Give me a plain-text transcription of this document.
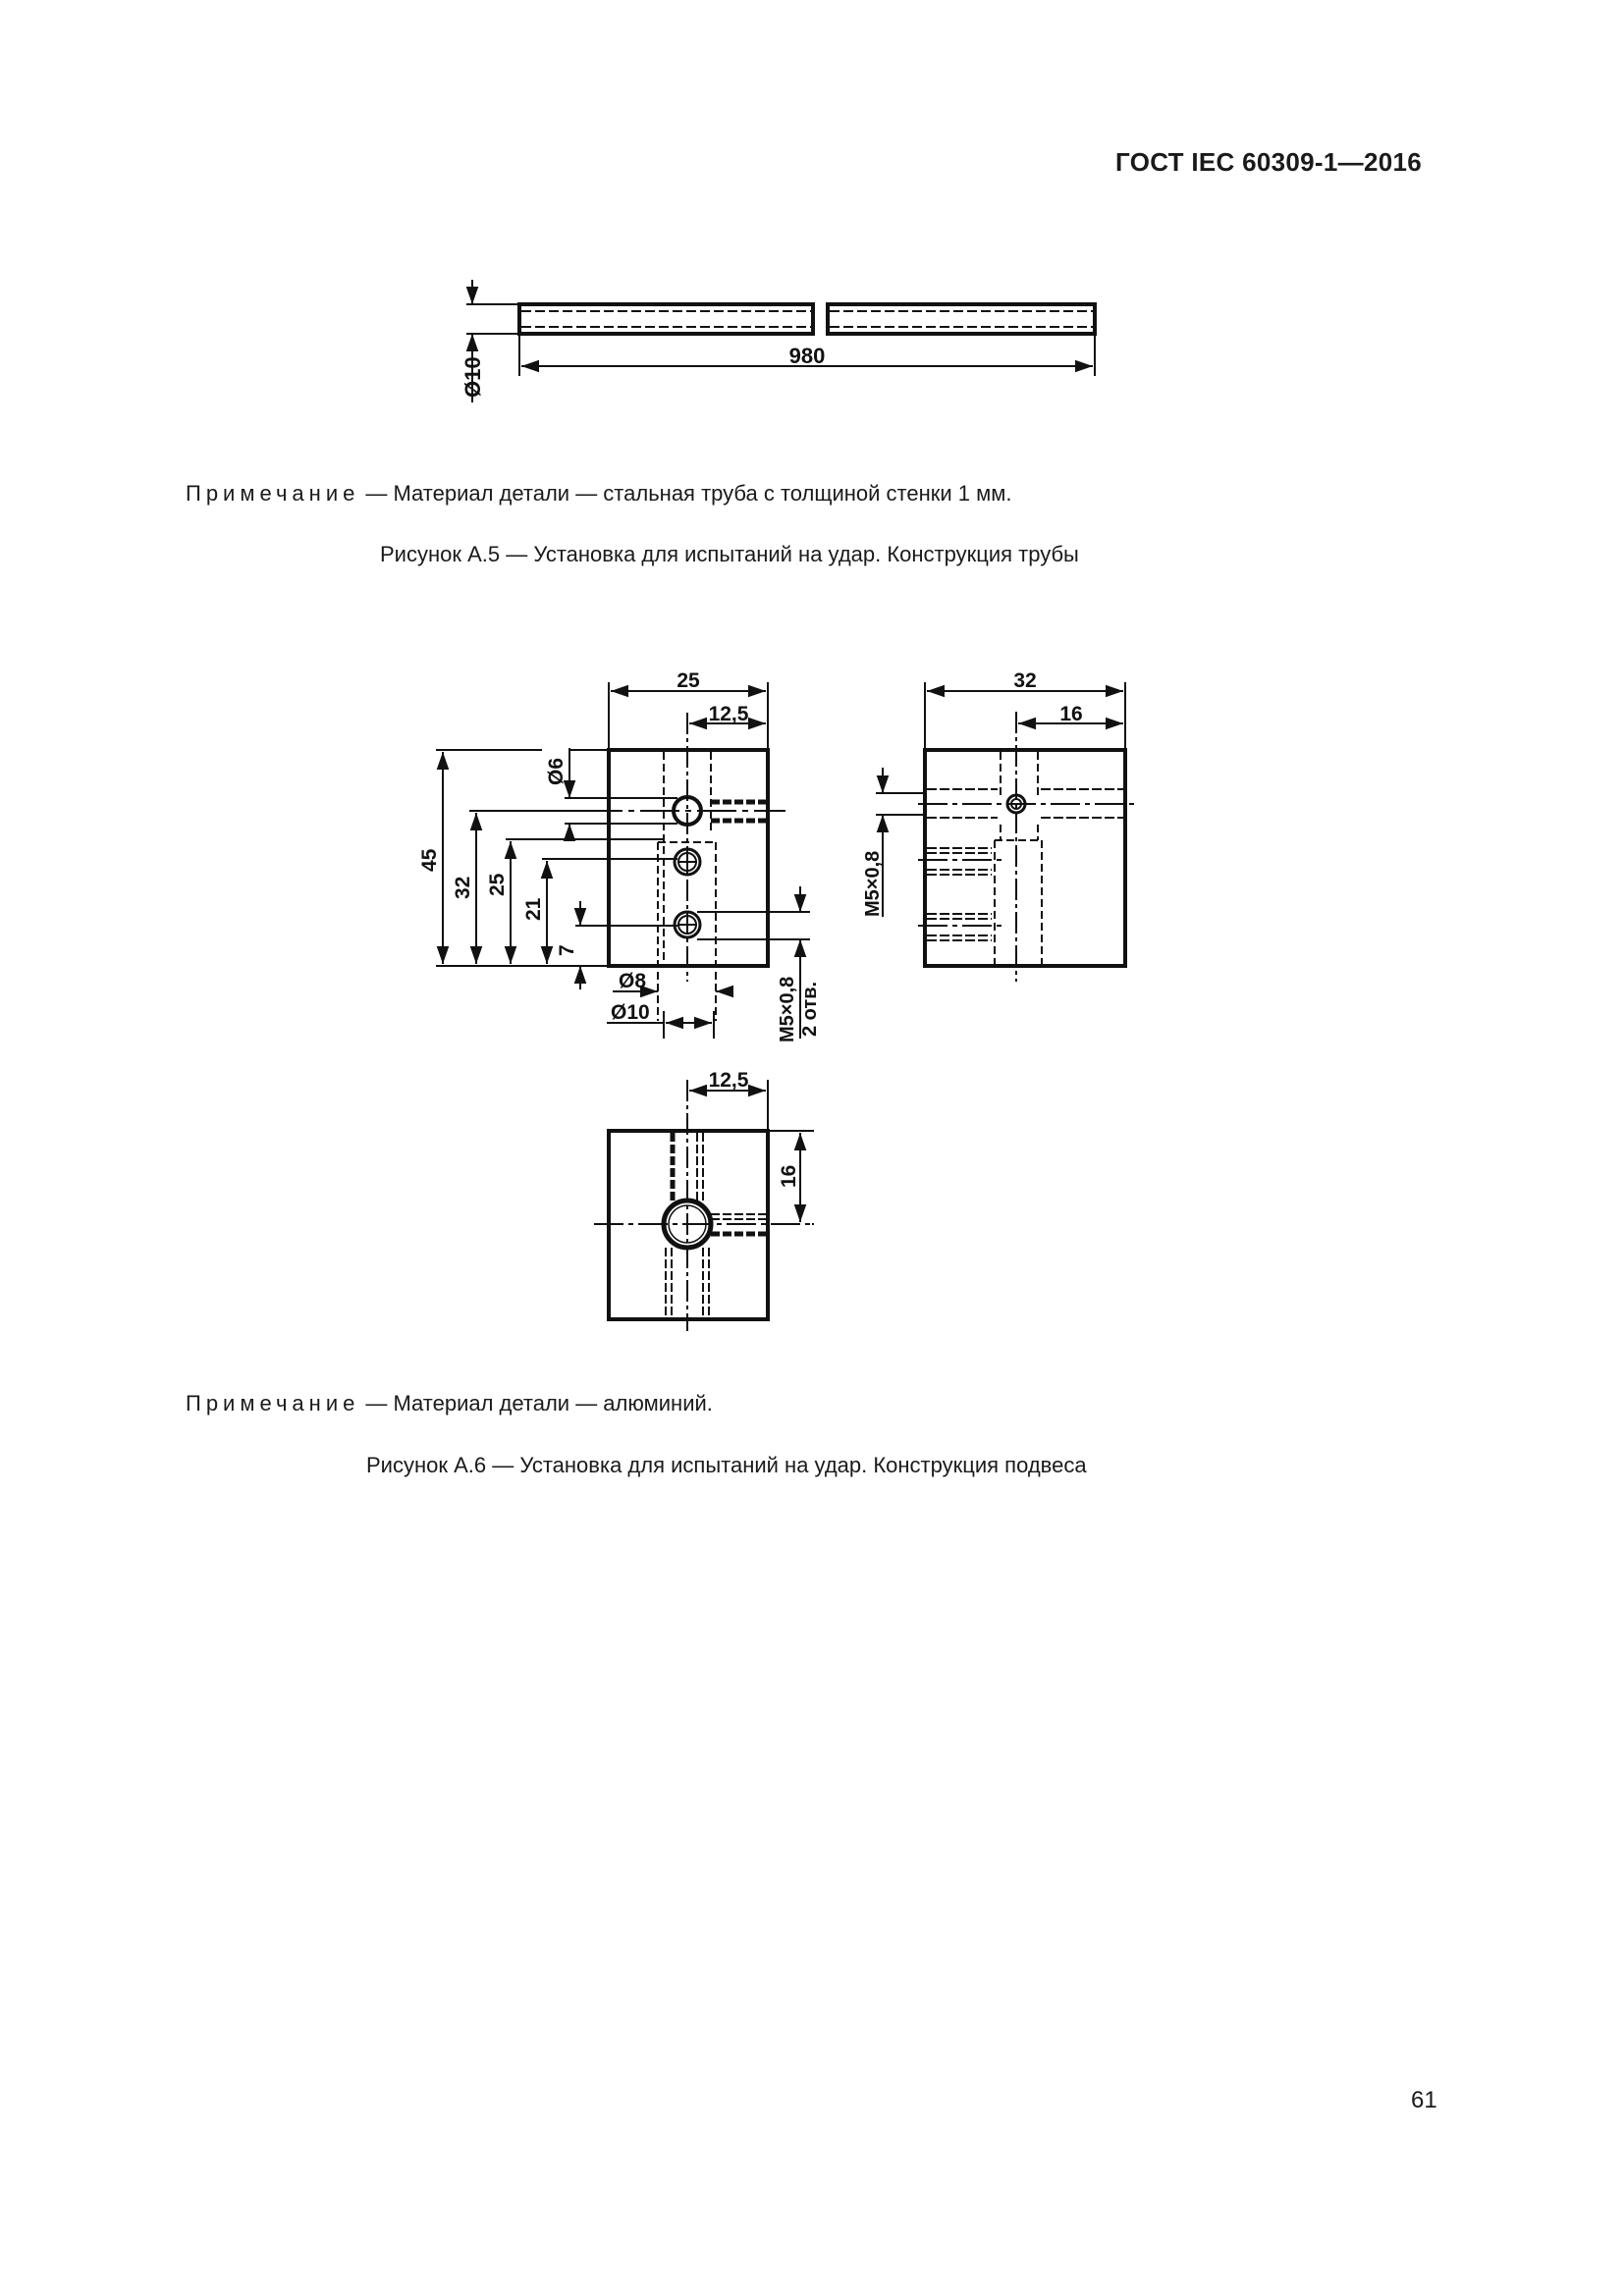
ГОСТ IEC 60309-1—2016
980
Ø10
25
12,5
45
32 25
21
7
Ø6
Ø8
Ø10	M5×0,8 2 отв.
32
16
M5×0,8
12,5
16
Примечание — Материал детали — стальная труба с толщиной стенки 1 мм.
Рисунок А.5 — Установка для испытаний на удар. Конструкция трубы
Примечание — Материал детали — алюминий.
Рисунок А.6 — Установка для испытаний на удар. Конструкция подвеса
61
